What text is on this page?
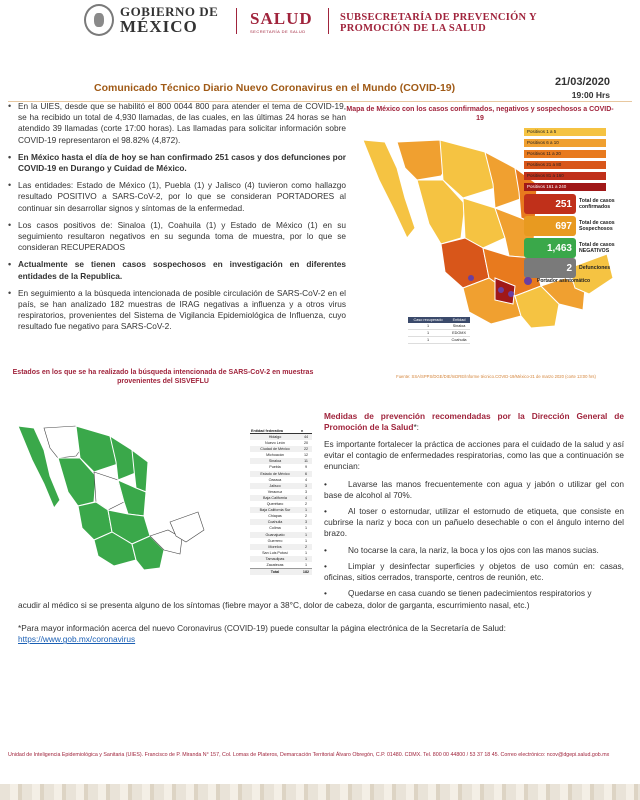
GOBIERNO DE
MÉXICO	SALUD
SECRETARÍA DE SALUD
SUBSECRETARÍA DE PREVENCIÓN Y
PROMOCIÓN DE LA SALUD
Comunicado Técnico Diario Nuevo Coronavirus en el Mundo (COVID-19)	21/03/2020
19:00 Hrs
• En la UIES, desde que se habilitó el 800 0044 800 para atender el tema de COVID-19, se ha recibido un total de 4,930 llamadas, de las cuales, en las últimas 24 horas se han atendido 39 llamadas (corte 17:00 horas). Las llamadas para solicitar información sobre COVID-19 representaron el 98.82% (4,872).
• En México hasta el día de hoy se han confirmado 251 casos y dos defunciones por COVID-19 en Durango y Cuidad de México.
• Las entidades: Estado de México (1), Puebla (1) y Jalisco (4) tuvieron como hallazgo resultado POSITIVO a SARS-CoV-2, por lo que se consideran PORTADORES al continuar sin desarrollar signos y síntomas de la enfermedad.
• Los casos positivos de: Sinaloa (1), Coahuila (1) y Estado de México (1) en su seguimiento resultaron negativos en su segunda toma de muestra, por lo que se consideran RECUPERADOS
• Actualmente se tienen casos sospechosos en investigación en diferentes entidades de la Republica.
• En seguimiento a la búsqueda intencionada de posible circulación de SARS-CoV-2 en el país, se han analizado 182 muestras de IRAG negativas a influenza y a otros virus respiratorios, provenientes del Sistema de Vigilancia Epidemiológica de Influenza, cuyo resultado fue negativo para SARS-CoV-2.
Mapa de México con los casos confirmados, negativos y sospechosos a COVID-19
Positivos 1 a 5
Positivos 6 a 10
Positivos 11 a 20
Positivos 21 a 80
Positivos 81 a 160
Positivos 161 a 240
251	Total de casos confirmados
697	Total de casos Sospechosos
1,463	Total de casos NEGATIVOS
2	Defunciones
Portador asintomático
Caso recuperado	Entidad
1	Sinaloa
1	EDOMX
1	Coahuila
Fuente: SSA/SPPS/DGE/DIE/InDRE/Informe técnico.COVID-19/México-21 de marzo 2020 (corte 13:00 hrs)
Estados en los que se ha realizado la búsqueda intencionada de SARS-CoV-2 en muestras provenientes del SISVEFLU
Entidad federativa	n
Hidalgo	44
Nuevo León	20
Ciudad de México	22
Michoacán	12
Sinaloa	11
Puebla	9
Estado de México	6
Oaxaca	4
Jalisco	3
Veracruz	3
Baja California	4
Querétaro	2
Baja California Sur	1
Chiapas	2
Coahuila	3
Colima	1
Guanajuato	1
Guerrero	1
Morelos	2
San Luis Potosí	1
Tamaulipas	1
Zacatecas	1
Total	182
Medidas de prevención recomendadas por la Dirección General de Promoción de la Salud*:
Es importante fortalecer la práctica de acciones para el cuidado de la salud y así evitar el contagio de enfermedades respiratorias, como las que a continuación se enuncian:
• Lavarse las manos frecuentemente con agua y jabón o utilizar gel con base de alcohol al 70%.
• Al toser o estornudar, utilizar el estornudo de etiqueta, que consiste en cubrirse la nariz y boca con un pañuelo desechable o con el ángulo interno del brazo.
• No tocarse la cara, la nariz, la boca y los ojos con las manos sucias.
• Limpiar y desinfectar superficies y objetos de uso común en: casas, oficinas, sitios cerrados, transporte, centros de reunión, etc.
• Quedarse en casa cuando se tienen padecimientos respiratorios y
acudir al médico si se presenta alguno de los síntomas (fiebre mayor a 38°C, dolor de cabeza, dolor de garganta, escurrimiento nasal, etc.)
*Para mayor información acerca del nuevo Coronavirus (COVID-19) puede consultar la página electrónica de la Secretaría de Salud:
https://www.gob.mx/coronavirus
Unidad de Inteligencia Epidemiológica y Sanitaria (UIES). Francisco de P. Miranda N° 157, Col. Lomas de Plateros, Demarcación Territorial Álvaro Obregón, C.P. 01480. CDMX. Tel. 800 00 44800 / 53 37 18 45. Correo electrónico: ncov@dgepi.salud.gob.mx
